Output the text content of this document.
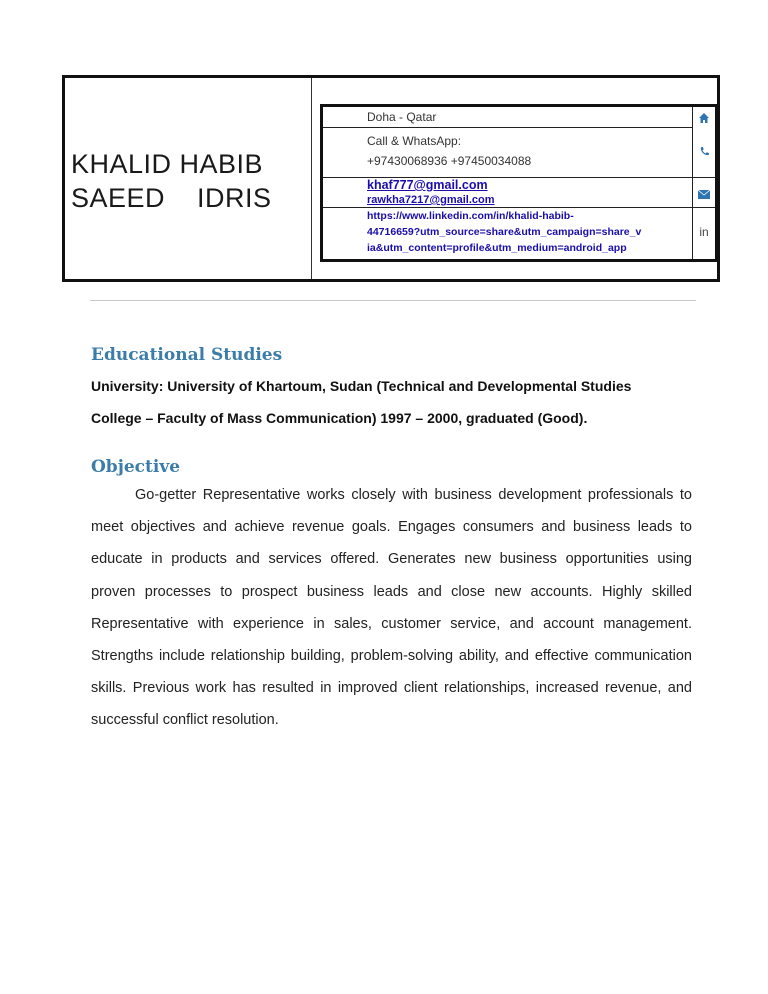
KHALID HABIB
SAEED    IDRIS
Doha - Qatar
Call & WhatsApp:
+97430068936 +97450034088
khaf777@gmail.com
rawkha7217@gmail.com
https://www.linkedin.com/in/khalid-habib-
44716659?utm_source=share&utm_campaign=share_v
ia&utm_content=profile&utm_medium=android_app
in
Educational Studies
University: University of Khartoum, Sudan (Technical and Developmental Studies
College – Faculty of Mass Communication) 1997 – 2000, graduated (Good).
Objective
Go-getter Representative works closely with business development professionals to meet objectives and achieve revenue goals. Engages consumers and business leads to educate in products and services offered. Generates new business opportunities using proven processes to prospect business leads and close new accounts. Highly skilled Representative with experience in sales, customer service, and account management. Strengths include relationship building, problem-solving ability, and effective communication skills. Previous work has resulted in improved client relationships, increased revenue, and successful conflict resolution.
